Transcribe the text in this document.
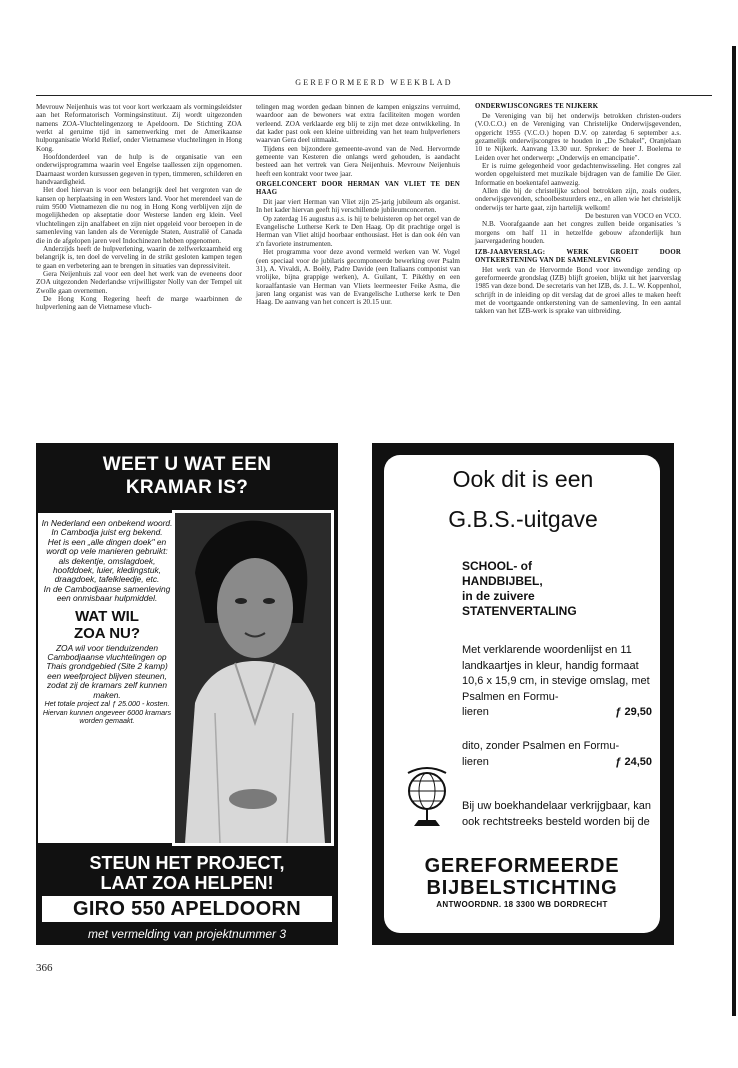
GEREFORMEERD WEEKBLAD

Mevrouw Neijenhuis was tot voor kort werkzaam als vormingsleidster aan het Reformatorisch Vormingsinstituut. Zij wordt uitgezonden namens ZOA-Vluchtelingenzorg te Apeldoorn. De Stichting ZOA werkt al geruime tijd in samenwerking met de Amerikaanse hulporganisatie World Relief, onder Vietnamese vluchtelingen in Hong Kong.

Hoofdonderdeel van de hulp is de organisatie van een onderwijsprogramma waarin veel Engelse taallessen zijn opgenomen. Daarnaast worden kursussen gegeven in typen, timmeren, schilderen en handvaardigheid.

Het doel hiervan is voor een belangrijk deel het vergroten van de kansen op herplaatsing in een Westers land. Voor het merendeel van de ruim 9500 Vietnamezen die nu nog in Hong Kong verblijven zijn de mogelijkheden op akseptatie door Westerse landen erg klein. Veel vluchtelingen zijn analfabeet en zijn niet opgeleid voor beroepen in de samenleving van landen als de Verenigde Staten, Australië of Canada die in de afgelopen jaren veel Indochinezen hebben opgenomen.

Anderzijds heeft de hulpverlening, waarin de zelfwerkzaamheid erg belangrijk is, ten doel de verveling in de strikt gesloten kampen tegen te gaan en verbetering aan te brengen in situaties van depressiviteit.

Gera Neijenhuis zal voor een deel het werk van de eveneens door ZOA uitgezonden Nederlandse vrijwilligster Nolly van der Tempel uit Zwolle gaan overnemen.

De Hong Kong Regering heeft de marge waarbinnen de hulpverlening aan de Vietnamese vluch-

telingen mag worden gedaan binnen de kampen enigszins verruimd, waardoor aan de bewoners wat extra faciliteiten mogen worden verleend. ZOA verklaarde erg blij te zijn met deze ontwikkeling. In dat kader past ook een kleine uitbreiding van het team hulpverleners waarvan Gera deel uitmaakt.

Tijdens een bijzondere gemeente-avond van de Ned. Hervormde gemeente van Kesteren die onlangs werd gehouden, is aandacht besteed aan het vertrek van Gera Neijenhuis. Mevrouw Neijenhuis heeft een kontrakt voor twee jaar.

ORGELCONCERT DOOR HERMAN VAN VLIET TE DEN HAAG

Dit jaar viert Herman van Vliet zijn 25-jarig jubileum als organist. In het kader hiervan geeft hij verschillende jubileumconcerten.

Op zaterdag 16 augustus a.s. is hij te beluisteren op het orgel van de Evangelische Lutherse Kerk te Den Haag. Op dit prachtige orgel is Herman van Vliet altijd hoorbaar enthousiast. Het is dan ook één van z'n favoriete instrumenten.

Het programma voor deze avond vermeld werken van W. Vogel (een speciaal voor de jubilaris gecomponeerde bewerking over Psalm 31), A. Vivaldi, A. Boëly, Padre Davide (een Italiaans componist van vrolijke, bijna grappige werken), A. Guilant, T. Pikéthy en een koraalfantasie van Herman van Vliets leermeester Feike Asma, die jaren lang organist was van de Evangelische Lutherse kerk te Den Haag. De aanvang van het concert is 20.15 uur.

ONDERWIJSCONGRES TE NIJKERK

De Vereniging van bij het onderwijs betrokken christen-ouders (V.O.C.O.) en de Vereniging van Christelijke Onderwijsgevenden, opgericht 1955 (V.C.O.) hopen D.V. op zaterdag 6 september a.s. gezamelijk onderwijscongres te houden in „De Schakel", Oranjelaan 10 te Nijkerk. Aanvang 13.30 uur. Spreker: de heer J. Boelema te Leiden over het onderwerp: „Onderwijs en emancipatie".

Er is ruime gelegenheid voor gedachtenwisseling. Het congres zal worden opgeluisterd met muzikale bijdragen van de familie De Gier. Informatie en boekentafel aanwezig.

Allen die bij de christelijke school betrokken zijn, zoals ouders, onderwijsgevenden, schoolbestuurders enz., en allen wie het christelijk onderwijs ter harte gaat, zijn hartelijk welkom!

De besturen van VOCO en VCO.

N.B. Voorafgaande aan het congres zullen beide organisaties 's morgens om half 11 in hetzelfde gebouw afzonderlijk hun jaarvergadering houden.

IZB-JAARVERSLAG: WERK GROEIT DOOR ONTKERSTENING VAN DE SAMENLEVING

Het werk van de Hervormde Bond voor inwendige zending op gereformeerde grondslag (IZB) blijft groeien, blijkt uit het jaarverslag 1985 van deze bond. De secretaris van het IZB, ds. J. L. W. Koppenhol, schrijft in de inleiding op dit verslag dat de groei alles te maken heeft met de voortgaande ontkerstening van de samenleving. In een aantal takken van het IZB-werk is sprake van uitbreiding.

WEET U WAT EEN
KRAMAR IS?
In Nederland een onbekend woord. In Cambodja juist erg bekend.
Het is een „alle dingen doek" en wordt op vele manieren gebruikt: als dekentje, omslagdoek, hoofddoek, luier, kledingstuk, draagdoek, tafelkleedje, etc.
In de Cambodjaanse samenleving een onmisbaar hulpmiddel.
WAT WIL
ZOA NU?
ZOA wil voor tienduizenden Cambodjaanse vluchtelingen op Thais grondgebied (Site 2 kamp) een weefproject blijven steunen, zodat zij de kramars zelf kunnen maken.
Het totale project zal ƒ 25.000 - kosten. Hiervan kunnen ongeveer 6000 kramars worden gemaakt.
STEUN HET PROJECT,
LAAT ZOA HELPEN!
GIRO 550 APELDOORN
met vermelding van projektnummer 3
Ook dit is een
G.B.S.-uitgave
SCHOOL- of
HANDBIJBEL,
in de zuivere
STATENVERTALING
Met verklarende woordenlijst en 11 landkaartjes in kleur, handig formaat 10,6 x 15,9 cm, in stevige omslag, met Psalmen en Formu-
lieren	ƒ 29,50
dito, zonder Psalmen en Formu-
lieren	ƒ 24,50
Bij uw boekhandelaar verkrijgbaar, kan ook rechtstreeks besteld worden bij de
GEREFORMEERDE
BIJBELSTICHTING
ANTWOORDNR. 18 3300 WB DORDRECHT
366
